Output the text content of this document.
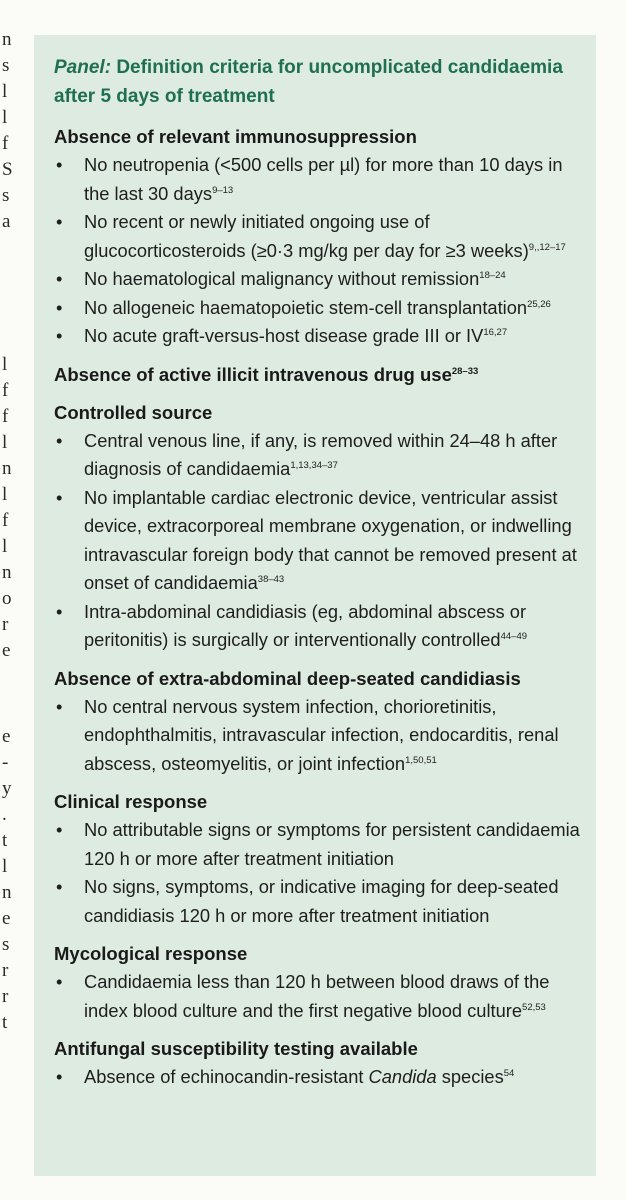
n
s
l
l
f
S
s
a
l
f
f
l
n
l
f
l
n
o
r
e
e
-
y
.
t
l
n
e
s
r
r
t
Panel: Definition criteria for uncomplicated candidaemia after 5 days of treatment
Absence of relevant immunosuppression
• No neutropenia (<500 cells per µl) for more than 10 days in the last 30 days$^{9-13}$
• No recent or newly initiated ongoing use of glucocorticosteroids (≥0·3 mg/kg per day for ≥3 weeks)$^{9,,12-17}$
• No haematological malignancy without remission$^{18-24}$
• No allogeneic haematopoietic stem-cell transplantation$^{25,26}$
• No acute graft-versus-host disease grade III or IV$^{16,27}$
Absence of active illicit intravenous drug use$^{28-33}$
Controlled source
• Central venous line, if any, is removed within 24–48 h after diagnosis of candidaemia$^{1,13,34-37}$
• No implantable cardiac electronic device, ventricular assist device, extracorporeal membrane oxygenation, or indwelling intravascular foreign body that cannot be removed present at onset of candidaemia$^{38-43}$
• Intra-abdominal candidiasis (eg, abdominal abscess or peritonitis) is surgically or interventionally controlled$^{44-49}$
Absence of extra-abdominal deep-seated candidiasis
• No central nervous system infection, chorioretinitis, endophthalmitis, intravascular infection, endocarditis, renal abscess, osteomyelitis, or joint infection$^{1,50,51}$
Clinical response
• No attributable signs or symptoms for persistent candidaemia 120 h or more after treatment initiation
• No signs, symptoms, or indicative imaging for deep-seated candidiasis 120 h or more after treatment initiation
Mycological response
• Candidaemia less than 120 h between blood draws of the index blood culture and the first negative blood culture$^{52,53}$
Antifungal susceptibility testing available
• Absence of echinocandin-resistant Candida species$^{54}$
